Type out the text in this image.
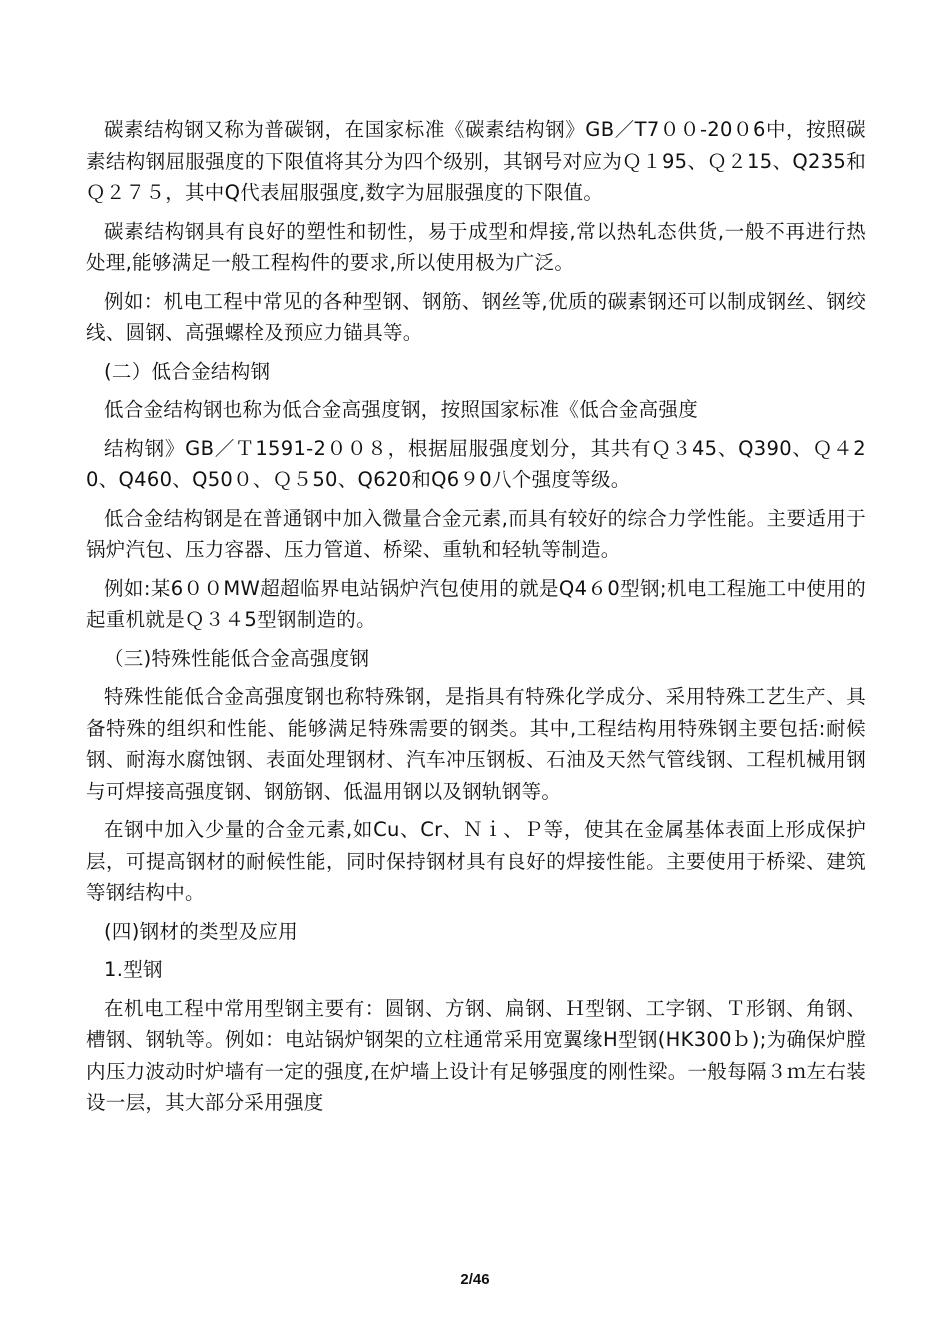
碳素结构钢又称为普碳钢，在国家标准《碳素结构钢》GB／T7００-20０6中，按照碳素结构钢屈服强度的下限值将其分为四个级别，其钢号对应为Ｑ１95、Ｑ２15、Q235和Ｑ２７５，其中Q代表屈服强度,数字为屈服强度的下限值。

碳素结构钢具有良好的塑性和韧性，易于成型和焊接,常以热轧态供货,一般不再进行热处理,能够满足一般工程构件的要求,所以使用极为广泛。

例如：机电工程中常见的各种型钢、钢筋、钢丝等,优质的碳素钢还可以制成钢丝、钢绞线、圆钢、高强螺栓及预应力锚具等。

(二）低合金结构钢

低合金结构钢也称为低合金高强度钢，按照国家标准《低合金高强度

结构钢》GB／Ｔ1591-2００８，根据屈服强度划分，其共有Ｑ３45、Q390、Ｑ４20、Q460、Q50０、Ｑ５50、Q620和Q6９0八个强度等级。

低合金结构钢是在普通钢中加入微量合金元素,而具有较好的综合力学性能。主要适用于锅炉汽包、压力容器、压力管道、桥梁、重轨和轻轨等制造。

例如:某6００MW超超临界电站锅炉汽包使用的就是Q4６0型钢;机电工程施工中使用的起重机就是Ｑ３４5型钢制造的。

（三)特殊性能低合金高强度钢

特殊性能低合金高强度钢也称特殊钢，是指具有特殊化学成分、采用特殊工艺生产、具备特殊的组织和性能、能够满足特殊需要的钢类。其中,工程结构用特殊钢主要包括:耐候钢、耐海水腐蚀钢、表面处理钢材、汽车冲压钢板、石油及天然气管线钢、工程机械用钢与可焊接高强度钢、钢筋钢、低温用钢以及钢轨钢等。

在钢中加入少量的合金元素,如Cu、Cr、Ｎｉ、Ｐ等，使其在金属基体表面上形成保护层，可提高钢材的耐候性能，同时保持钢材具有良好的焊接性能。主要使用于桥梁、建筑等钢结构中。

(四)钢材的类型及应用

1.型钢

在机电工程中常用型钢主要有：圆钢、方钢、扁钢、Ｈ型钢、工字钢、Ｔ形钢、角钢、槽钢、钢轨等。例如：电站锅炉钢架的立柱通常采用宽翼缘H型钢(HK300ｂ);为确保炉膛内压力波动时炉墙有一定的强度,在炉墙上设计有足够强度的刚性梁。一般每隔３ｍ左右装设一层，其大部分采用强度

2/46
